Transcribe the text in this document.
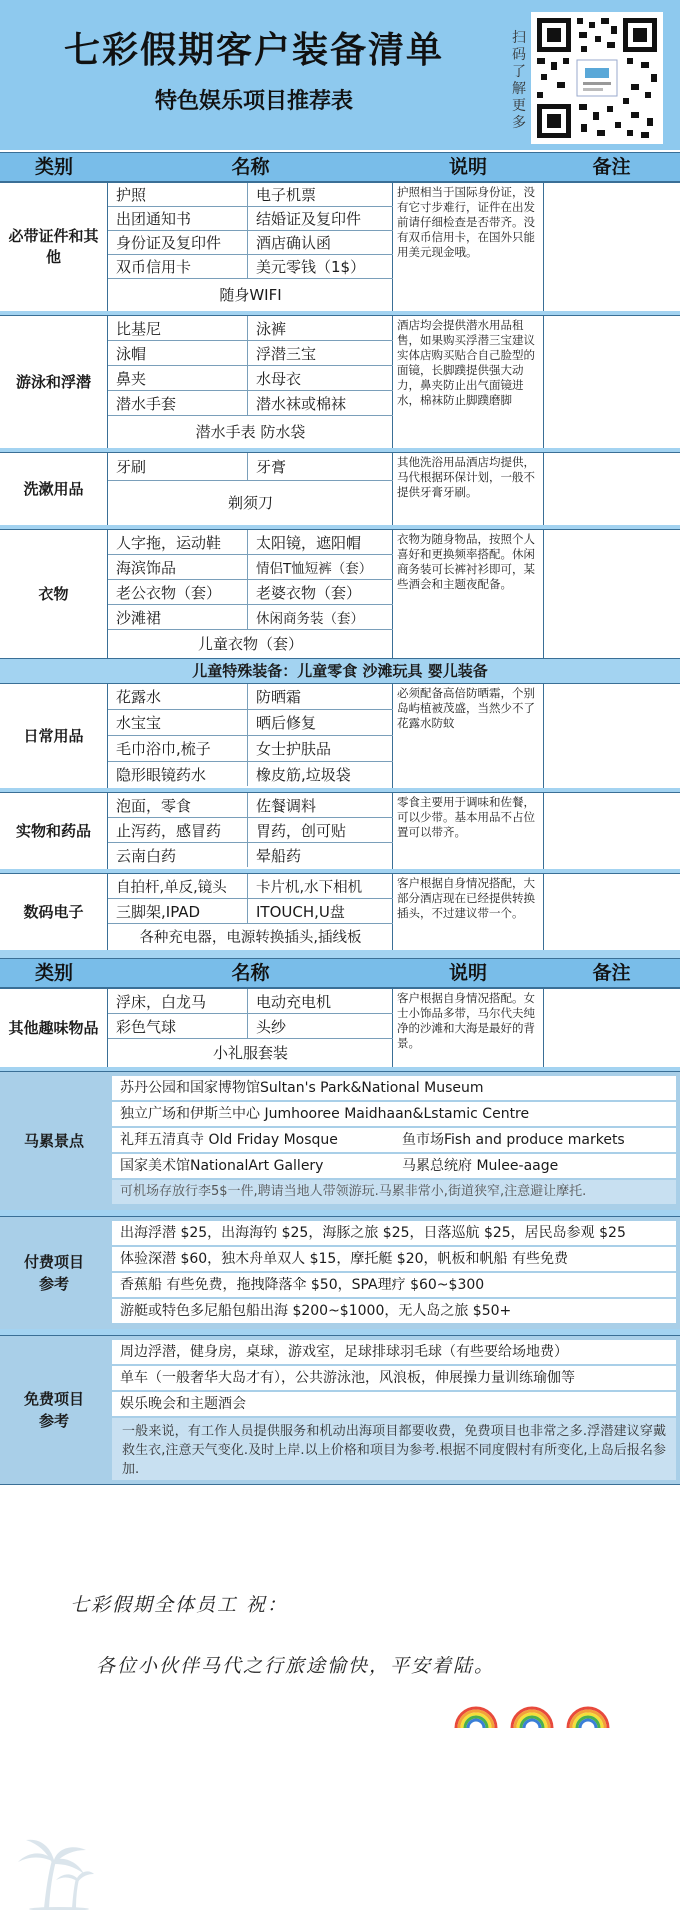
七彩假期客户装备清单
特色娱乐项目推荐表
扫码了解更多
类别	名称	说明	备注
必带证件和其他
护照	电子机票
出团通知书	结婚证及复印件
身份证及复印件	酒店确认函
双币信用卡	美元零钱（1$）
随身WIFI
护照相当于国际身份证，没有它寸步难行，证件在出发前请仔细检查是否带齐。没有双币信用卡，在国外只能用美元现金哦。
游泳和浮潜
比基尼	泳裤
泳帽	浮潜三宝
鼻夹	水母衣
潜水手套	潜水袜或棉袜
潜水手表 防水袋
酒店均会提供潜水用品租售，如果购买浮潜三宝建议实体店购买贴合自己脸型的面镜，长脚蹼提供强大动力，鼻夹防止出气面镜进水，棉袜防止脚蹼磨脚
洗漱用品
牙刷	牙膏
剃须刀
其他洗浴用品酒店均提供，马代根据环保计划，一般不提供牙膏牙刷。
衣物
人字拖，运动鞋	太阳镜，遮阳帽
海滨饰品	情侣T恤短裤（套）
老公衣物（套）	老婆衣物（套）
沙滩裙	休闲商务装（套）
儿童衣物（套）
衣物为随身物品，按照个人喜好和更换频率搭配。休闲商务装可长裤衬衫即可，某些酒会和主题夜配备。
儿童特殊装备：儿童零食 沙滩玩具 婴儿装备
日常用品
花露水	防晒霜
水宝宝	晒后修复
毛巾浴巾,梳子	女士护肤品
隐形眼镜药水	橡皮筋,垃圾袋
必须配备高倍防晒霜，个别岛屿植被茂盛，当然少不了花露水防蚊
实物和药品
泡面，零食	佐餐调料
止泻药，感冒药	胃药，创可贴
云南白药	晕船药
零食主要用于调味和佐餐，可以少带。基本用品不占位置可以带齐。
数码电子
自拍杆,单反,镜头	卡片机,水下相机
三脚架,IPAD	ITOUCH,U盘
各种充电器，电源转换插头,插线板
客户根据自身情况搭配，大部分酒店现在已经提供转换插头，不过建议带一个。
类别	名称	说明	备注
其他趣味物品
浮床，白龙马	电动充电机
彩色气球	头纱
小礼服套装
客户根据自身情况搭配。女士小饰品多带，马尔代夫纯净的沙滩和大海是最好的背景。
马累景点
苏丹公园和国家博物馆Sultan's Park&National Museum
独立广场和伊斯兰中心 Jumhooree Maidhaan&Lstamic Centre
礼拜五清真寺 Old Friday Mosque	鱼市场Fish and produce markets
国家美术馆NationalArt Gallery	马累总统府 Mulee-aage
可机场存放行李5$一件,聘请当地人带领游玩.马累非常小,街道狭窄,注意避让摩托.
付费项目参考
出海浮潜 $25，出海海钓 $25，海豚之旅 $25，日落巡航 $25，居民岛参观 $25
体验深潜 $60，独木舟单双人 $15，摩托艇 $20，帆板和帆船 有些免费
香蕉船 有些免费，拖拽降落伞 $50，SPA理疗 $60~$300
游艇或特色多尼船包船出海 $200~$1000，无人岛之旅 $50+
免费项目参考
周边浮潜，健身房，桌球，游戏室，足球排球羽毛球（有些要给场地费）
单车（一般奢华大岛才有），公共游泳池，风浪板，伸展操力量训练瑜伽等
娱乐晚会和主题酒会
一般来说，有工作人员提供服务和机动出海项目都要收费，免费项目也非常之多.浮潜建议穿戴救生衣,注意天气变化.及时上岸.以上价格和项目为参考.根据不同度假村有所变化,上岛后报名参加.
七彩假期全体员工 祝：
各位小伙伴马代之行旅途愉快，平安着陆。
